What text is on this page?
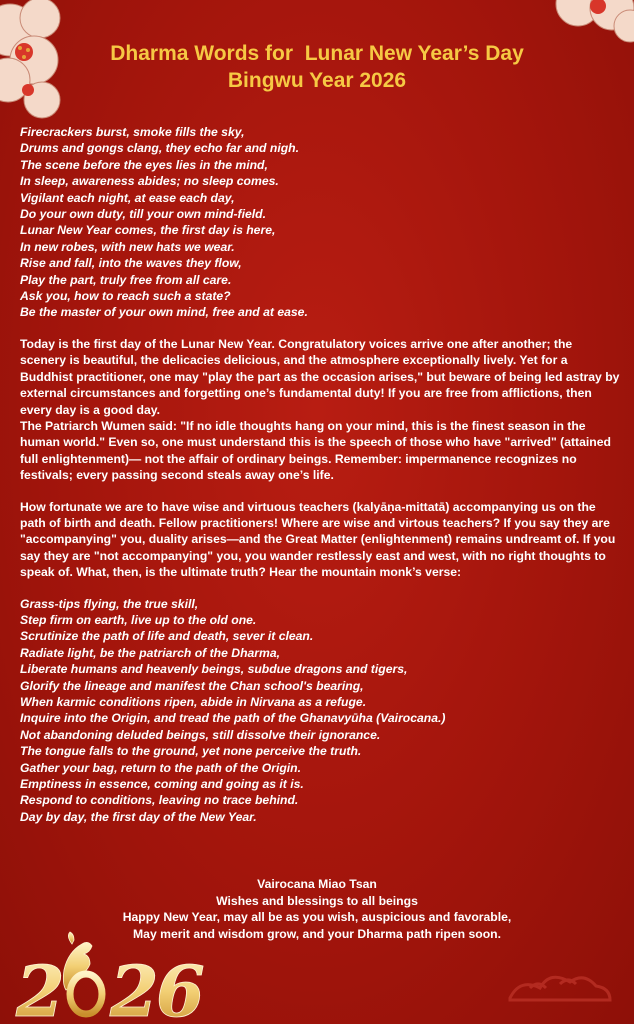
Dharma Words for  Lunar New Year’s Day
Bingwu Year 2026
Firecrackers burst, smoke fills the sky,
Drums and gongs clang, they echo far and nigh.
The scene before the eyes lies in the mind,
In sleep, awareness abides; no sleep comes.
Vigilant each night, at ease each day,
Do your own duty, till your own mind-field.
Lunar New Year comes, the first day is here,
In new robes, with new hats we wear.
Rise and fall, into the waves they flow,
Play the part, truly free from all care.
Ask you, how to reach such a state?
Be the master of your own mind, free and at ease.

Today is the first day of the Lunar New Year. Congratulatory voices arrive one after another; the scenery is beautiful, the delicacies delicious, and the atmosphere exceptionally lively. Yet for a Buddhist practitioner, one may "play the part as the occasion arises," but beware of being led astray by external circumstances and forgetting one’s fundamental duty! If you are free from afflictions, then every day is a good day.

The Patriarch Wumen said: "If no idle thoughts hang on your mind, this is the finest season in the human world." Even so, one must understand this is the speech of those who have "arrived" (attained full enlightenment)— not the affair of ordinary beings. Remember: impermanence recognizes no festivals; every passing second steals away one’s life.

How fortunate we are to have wise and virtuous teachers (kalyāṇa-mittatā) accompanying us on the path of birth and death. Fellow practitioners! Where are wise and virtous teachers? If you say they are "accompanying" you, duality arises—and the Great Matter (enlightenment) remains undreamt of. If you say they are "not accompanying" you, you wander restlessly east and west, with no right thoughts to speak of. What, then, is the ultimate truth? Hear the mountain monk’s verse:

Grass-tips flying, the true skill,
Step firm on earth, live up to the old one.
Scrutinize the path of life and death, sever it clean.
Radiate light, be the patriarch of the Dharma,
Liberate humans and heavenly beings, subdue dragons and tigers,
Glorify the lineage and manifest the Chan school's bearing,
When karmic conditions ripen, abide in Nirvana as a refuge.
Inquire into the Origin, and tread the path of the Ghanavyūha (Vairocana.)
Not abandoning deluded beings, still dissolve their ignorance.
The tongue falls to the ground, yet none perceive the truth.
Gather your bag, return to the path of the Origin.
Emptiness in essence, coming and going as it is.
Respond to conditions, leaving no trace behind.
Day by day, the first day of the New Year.
Vairocana Miao Tsan
Wishes and blessings to all beings
Happy New Year, may all be as you wish, auspicious and favorable,
May merit and wisdom grow, and your Dharma path ripen soon.
2 2
6
